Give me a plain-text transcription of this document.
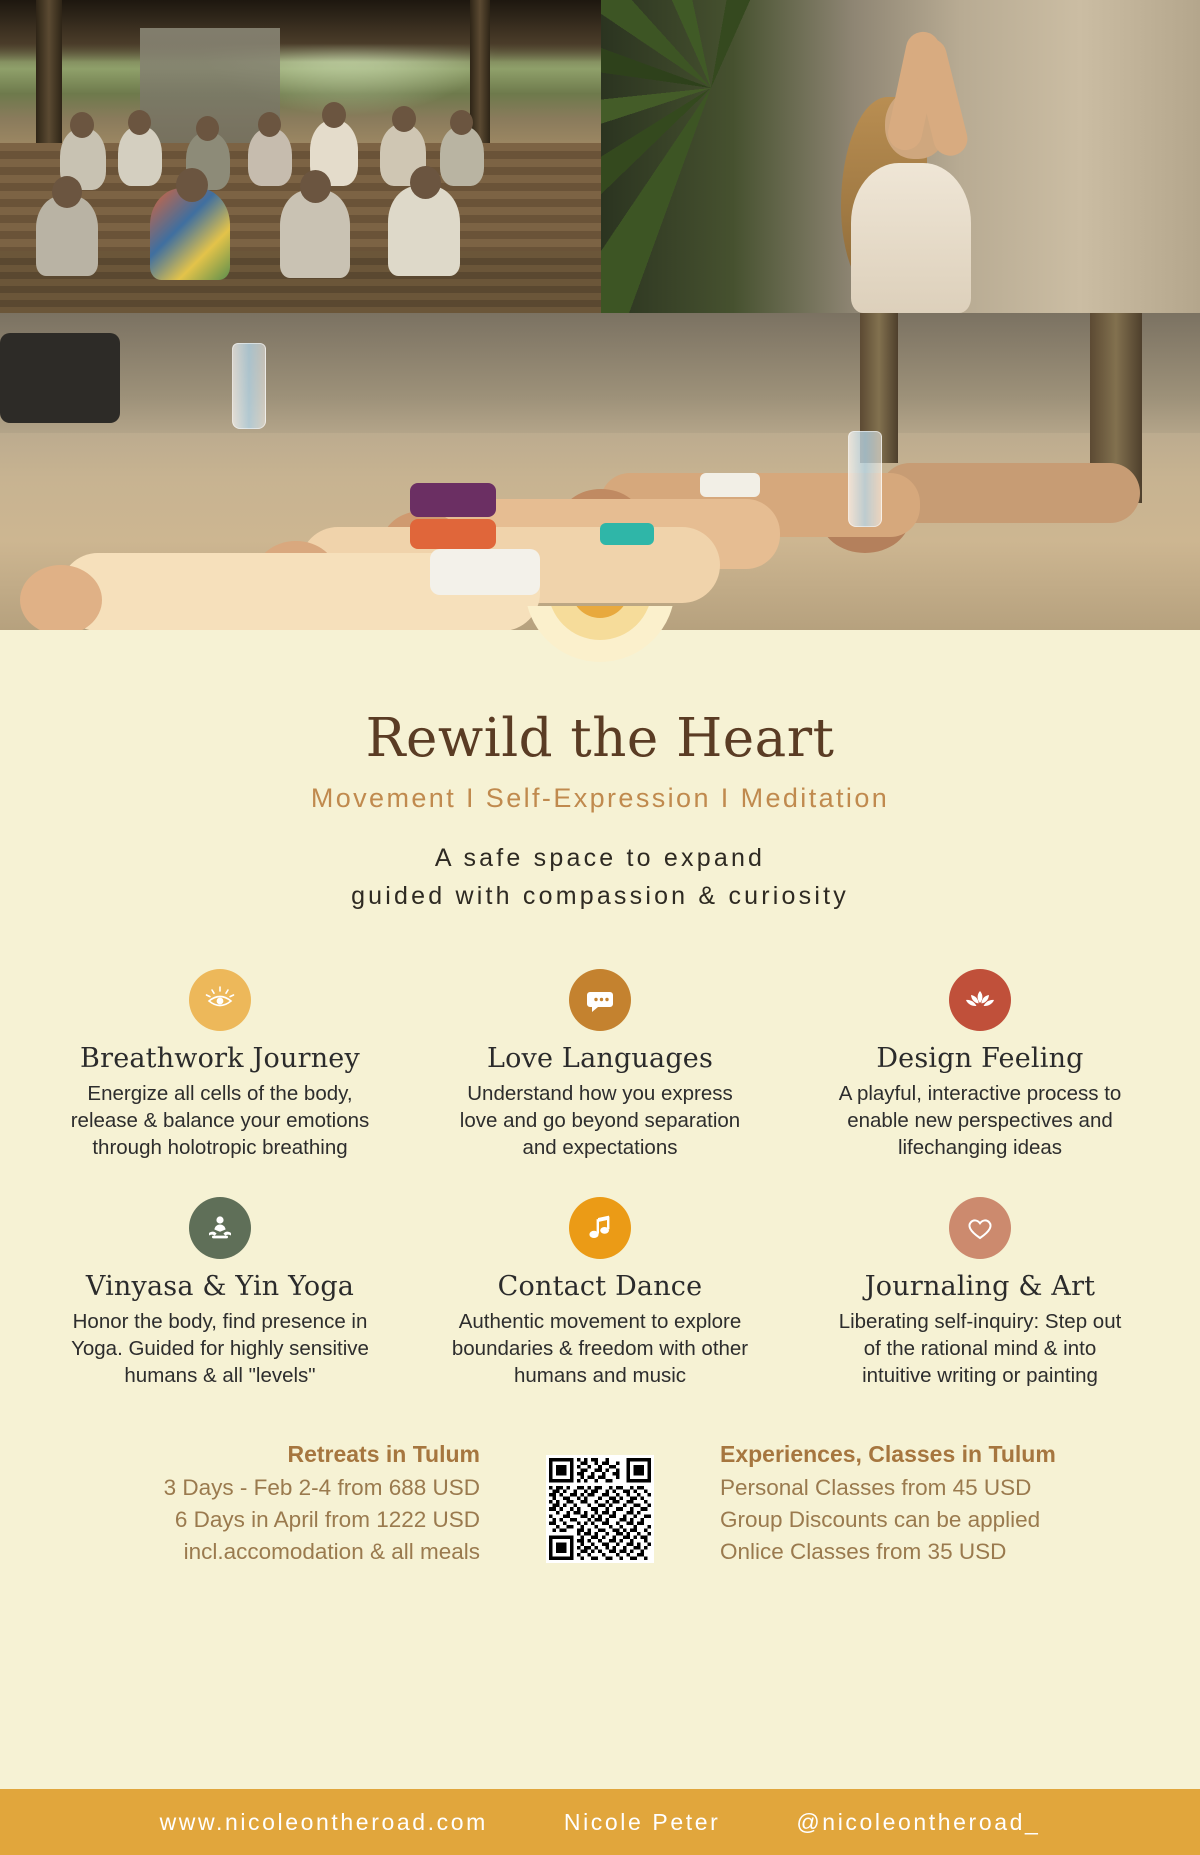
Rewild the Heart
Movement I Self-Expression I Meditation
A safe space to expand
guided with compassion & curiosity
Breathwork Journey

Energize all cells of the body, release & balance your emotions through holotropic breathing

Love Languages

Understand how you express love and go beyond separation and expectations

Design Feeling

A playful, interactive process to enable new perspectives and lifechanging ideas

Vinyasa & Yin Yoga

Honor the body, find presence in Yoga. Guided for highly sensitive humans & all "levels"

Contact Dance

Authentic movement to explore boundaries & freedom with other humans and music

Journaling & Art

Liberating self-inquiry: Step out of the rational mind & into intuitive writing or painting

Retreats in Tulum
3 Days - Feb 2-4 from 688 USD
6 Days in April from 1222 USD
incl.accomodation & all meals
Experiences, Classes in Tulum
Personal Classes from 45 USD
Group Discounts can be applied
Onlice Classes from 35 USD
www.nicoleontheroad.com	Nicole Peter	@nicoleontheroad_
